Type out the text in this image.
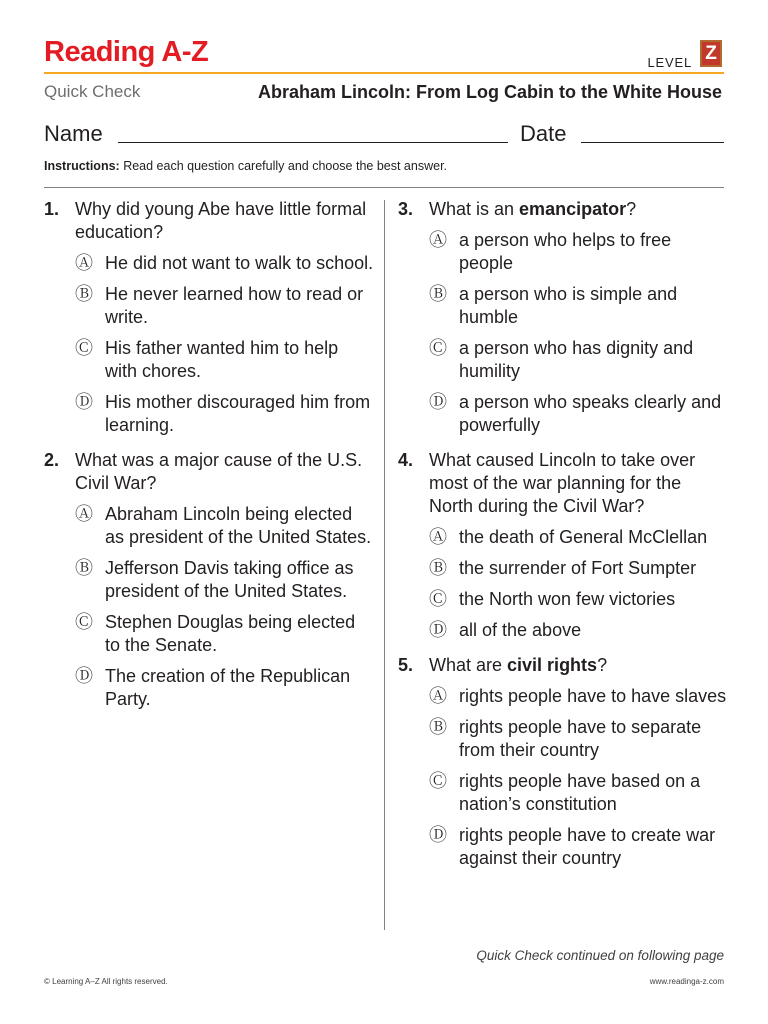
Reading A-Z	LEVEL Z
Quick Check	Abraham Lincoln: From Log Cabin to the White House
Name	Date
Instructions: Read each question carefully and choose the best answer.
1. Why did young Abe have little formal education?
Ⓐ He did not want to walk to school.
Ⓑ He never learned how to read or write.
Ⓒ His father wanted him to help with chores.
Ⓓ His mother discouraged him from learning.
2. What was a major cause of the U.S. Civil War?
Ⓐ Abraham Lincoln being elected as president of the United States.
Ⓑ Jefferson Davis taking office as president of the United States.
Ⓒ Stephen Douglas being elected to the Senate.
Ⓓ The creation of the Republican Party.
3. What is an emancipator?
Ⓐ a person who helps to free people
Ⓑ a person who is simple and humble
Ⓒ a person who has dignity and humility
Ⓓ a person who speaks clearly and powerfully
4. What caused Lincoln to take over most of the war planning for the North during the Civil War?
Ⓐ the death of General McClellan
Ⓑ the surrender of Fort Sumpter
Ⓒ the North won few victories
Ⓓ all of the above
5. What are civil rights?
Ⓐ rights people have to have slaves
Ⓑ rights people have to separate from their country
Ⓒ rights people have based on a nation’s constitution
Ⓓ rights people have to create war against their country
Quick Check continued on following page
© Learning A–Z All rights reserved.	www.readinga-z.com
